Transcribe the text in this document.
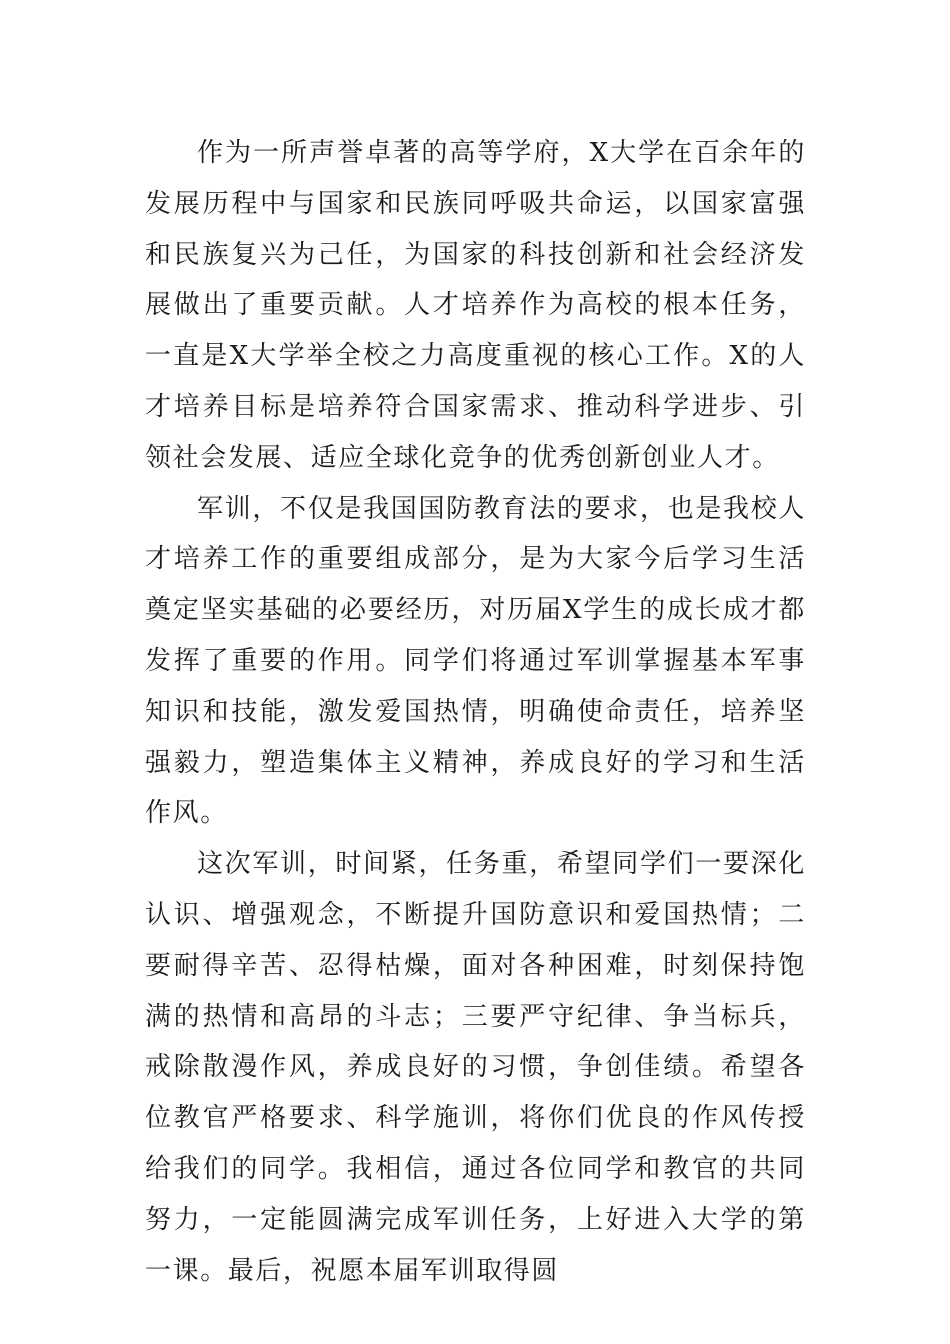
作为一所声誉卓著的高等学府，X大学在百余年的发展历程中与国家和民族同呼吸共命运，以国家富强和民族复兴为己任，为国家的科技创新和社会经济发展做出了重要贡献。人才培养作为高校的根本任务，一直是X大学举全校之力高度重视的核心工作。X的人才培养目标是培养符合国家需求、推动科学进步、引领社会发展、适应全球化竞争的优秀创新创业人才。

军训，不仅是我国国防教育法的要求，也是我校人才培养工作的重要组成部分，是为大家今后学习生活奠定坚实基础的必要经历，对历届X学生的成长成才都发挥了重要的作用。同学们将通过军训掌握基本军事知识和技能，激发爱国热情，明确使命责任，培养坚强毅力，塑造集体主义精神，养成良好的学习和生活作风。

这次军训，时间紧，任务重，希望同学们一要深化认识、增强观念，不断提升国防意识和爱国热情；二要耐得辛苦、忍得枯燥，面对各种困难，时刻保持饱满的热情和高昂的斗志；三要严守纪律、争当标兵，戒除散漫作风，养成良好的习惯，争创佳绩。希望各位教官严格要求、科学施训，将你们优良的作风传授给我们的同学。我相信，通过各位同学和教官的共同努力，一定能圆满完成军训任务，上好进入大学的第一课。最后，祝愿本届军训取得圆
